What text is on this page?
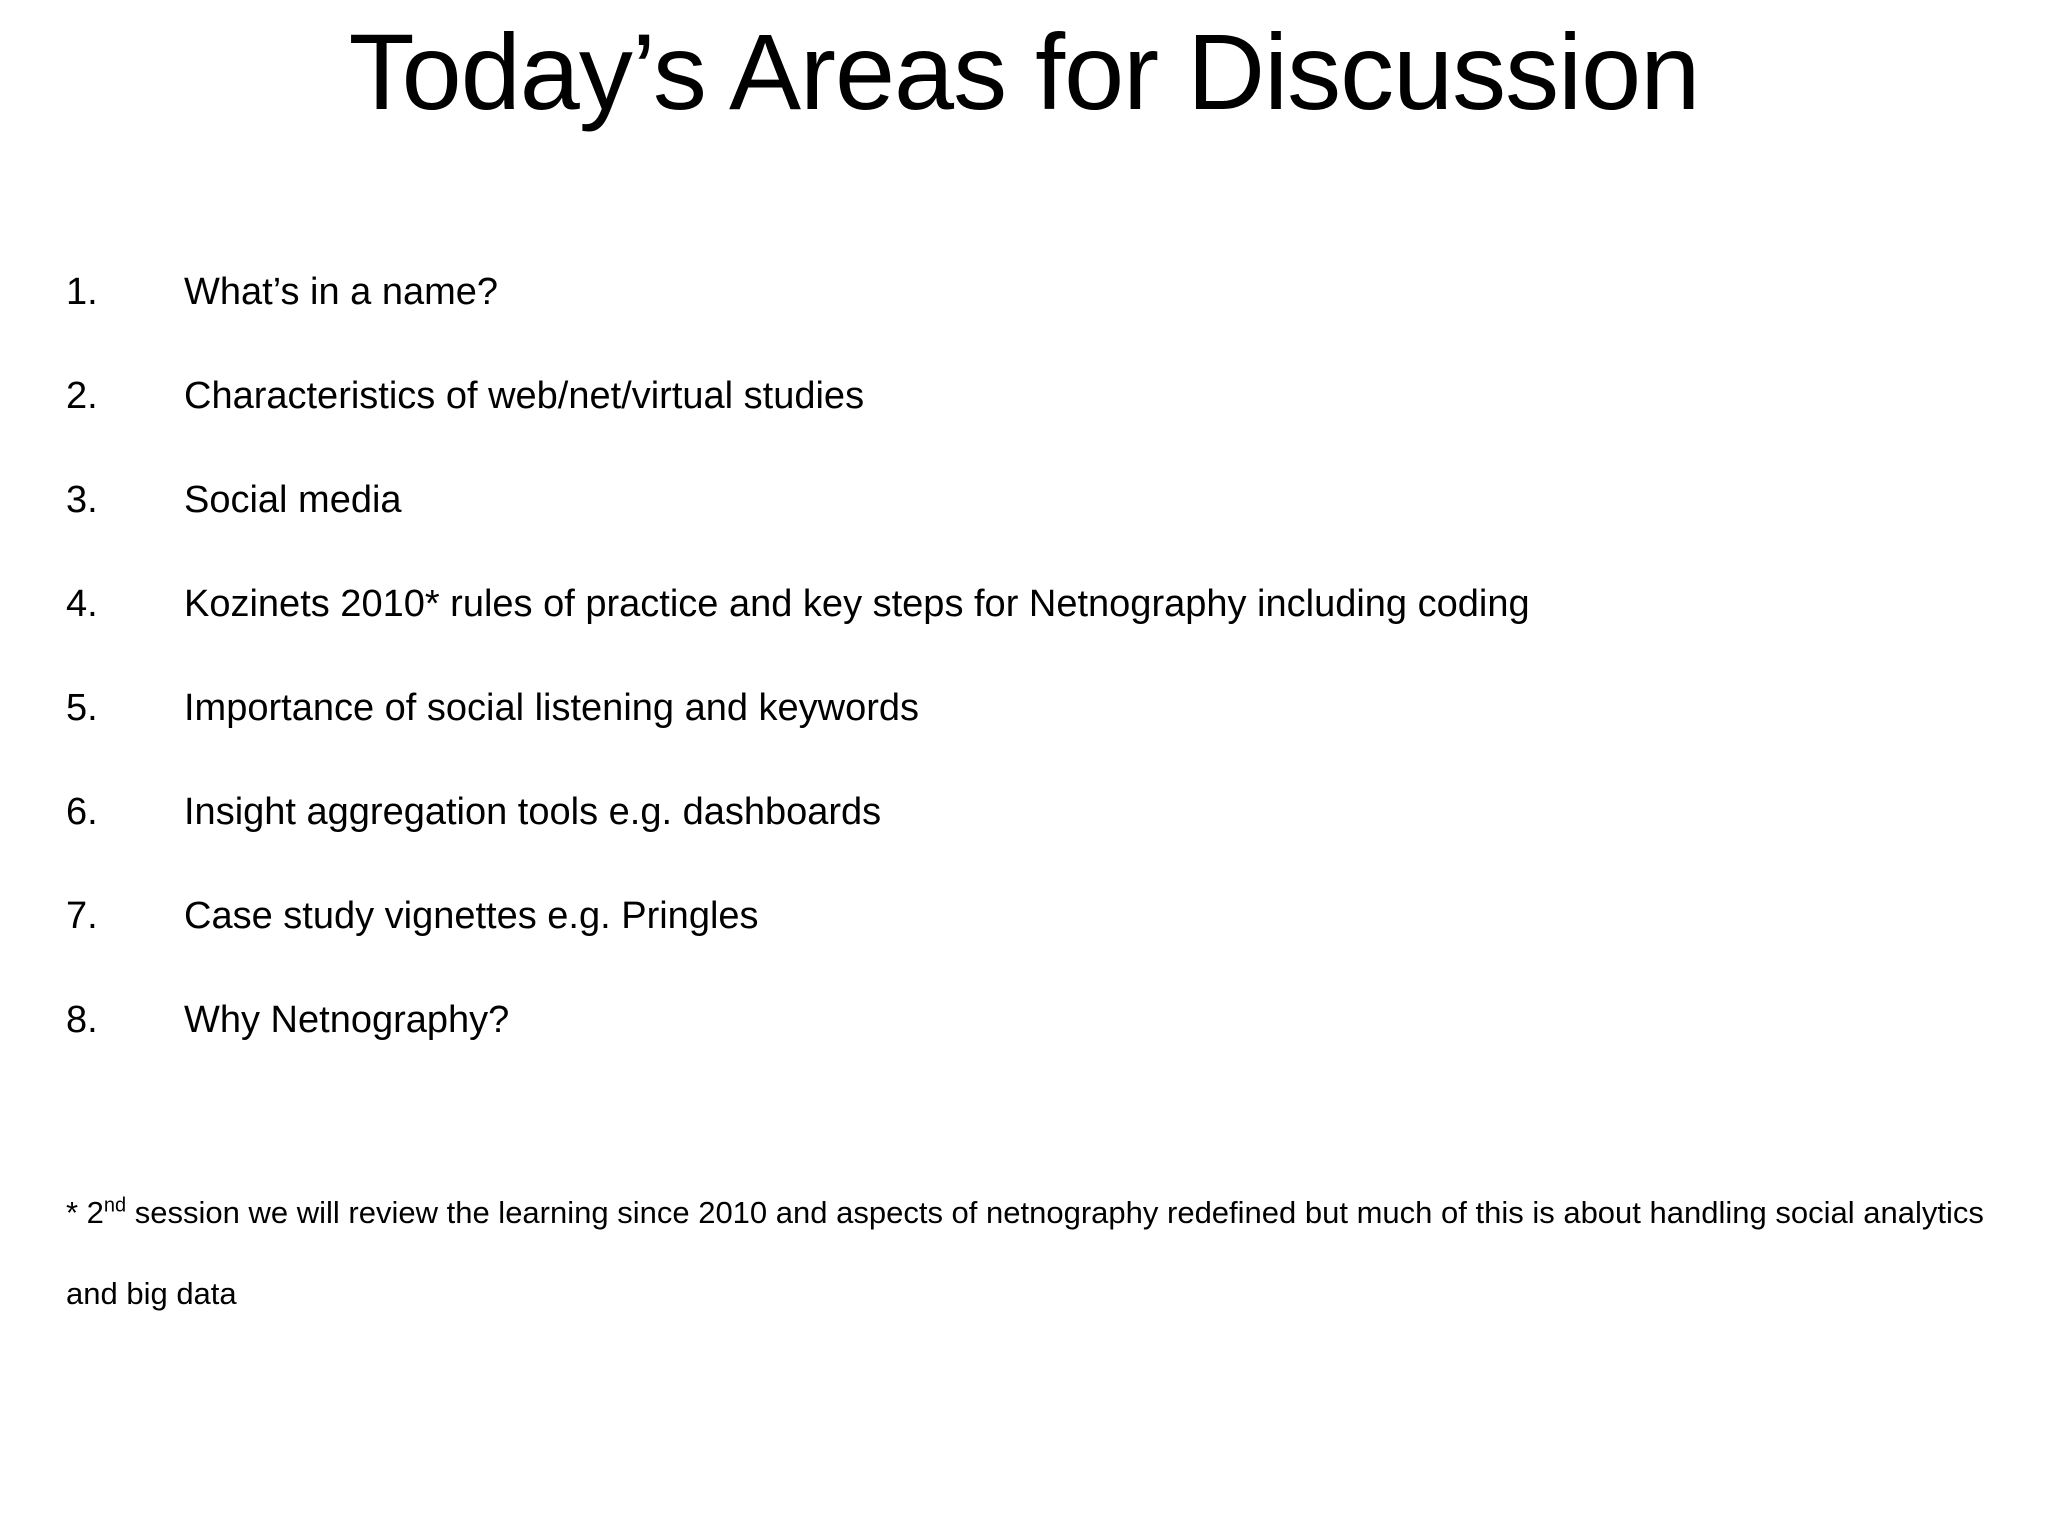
Today’s Areas for Discussion
1.	What’s in a name?
2.	Characteristics of web/net/virtual studies
3.	Social media
4.	Kozinets 2010* rules of practice and key steps for Netnography including coding
5.	Importance of social listening and keywords
6.	Insight aggregation tools e.g. dashboards
7.	Case study vignettes e.g. Pringles
8.	Why Netnography?

* 2nd session we will review the learning since 2010 and aspects of netnography redefined but much of this is about handling social analytics and big data
